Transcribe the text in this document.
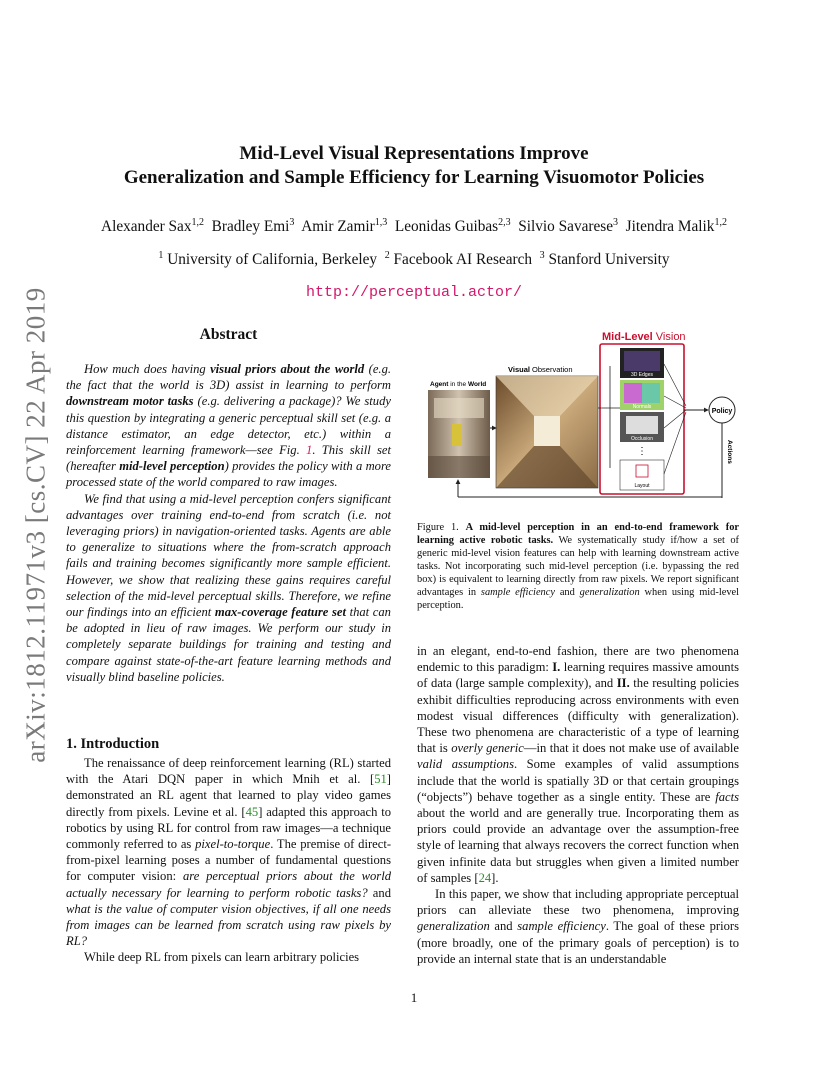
arXiv:1812.11971v3 [cs.CV] 22 Apr 2019
Mid-Level Visual Representations Improve
Generalization and Sample Efficiency for Learning Visuomotor Policies
Alexander Sax$^{1,2}$ Bradley Emi$^3$ Amir Zamir$^{1,3}$ Leonidas Guibas$^{2,3}$ Silvio Savarese$^3$ Jitendra Malik$^{1,2}$
$^1$ University of California, Berkeley $^2$ Facebook AI Research $^3$ Stanford University
http://perceptual.actor/
Abstract

How much does having visual priors about the world (e.g. the fact that the world is 3D) assist in learning to perform downstream motor tasks (e.g. delivering a package)? We study this question by integrating a generic perceptual skill set (e.g. a distance estimator, an edge detector, etc.) within a reinforcement learning framework—see Fig. 1. This skill set (hereafter mid-level perception) provides the policy with a more processed state of the world compared to raw images.

We find that using a mid-level perception confers significant advantages over training end-to-end from scratch (i.e. not leveraging priors) in navigation-oriented tasks. Agents are able to generalize to situations where the from-scratch approach fails and training becomes significantly more sample efficient. However, we show that realizing these gains requires careful selection of the mid-level perceptual skills. Therefore, we refine our findings into an efficient max-coverage feature set that can be adopted in lieu of raw images. We perform our study in completely separate buildings for training and testing and compare against state-of-the-art feature learning methods and visually blind baseline policies.

1. Introduction

The renaissance of deep reinforcement learning (RL) started with the Atari DQN paper in which Mnih et al. [51] demonstrated an RL agent that learned to play video games directly from pixels. Levine et al. [45] adapted this approach to robotics by using RL for control from raw images—a technique commonly referred to as pixel-to-torque. The premise of direct-from-pixel learning poses a number of fundamental questions for computer vision: are perceptual priors about the world actually necessary for learning to perform robotic tasks? and what is the value of computer vision objectives, if all one needs from images can be learned from scratch using raw pixels by RL?

While deep RL from pixels can learn arbitrary policies

Agent in the World
Visual Observation
Mid-Level Vision
3D Edges
Normals
Occlusion
⋮
Layout
Policy
Actions
Figure 1. A mid-level perception in an end-to-end framework for learning active robotic tasks. We systematically study if/how a set of generic mid-level vision features can help with learning downstream active tasks. Not incorporating such mid-level perception (i.e. bypassing the red box) is equivalent to learning directly from raw pixels. We report significant advantages in sample efficiency and generalization when using mid-level perception.

in an elegant, end-to-end fashion, there are two phenomena endemic to this paradigm: I. learning requires massive amounts of data (large sample complexity), and II. the resulting policies exhibit difficulties reproducing across environments with even modest visual differences (difficulty with generalization). These two phenomena are characteristic of a type of learning that is overly generic—in that it does not make use of available valid assumptions. Some examples of valid assumptions include that the world is spatially 3D or that certain groupings (“objects”) behave together as a single entity. These are facts about the world and are generally true. Incorporating them as priors could provide an advantage over the assumption-free style of learning that always recovers the correct function when given infinite data but struggles when given a limited number of samples [24].

In this paper, we show that including appropriate perceptual priors can alleviate these two phenomena, improving generalization and sample efficiency. The goal of these priors (more broadly, one of the primary goals of perception) is to provide an internal state that is an understandable

1
